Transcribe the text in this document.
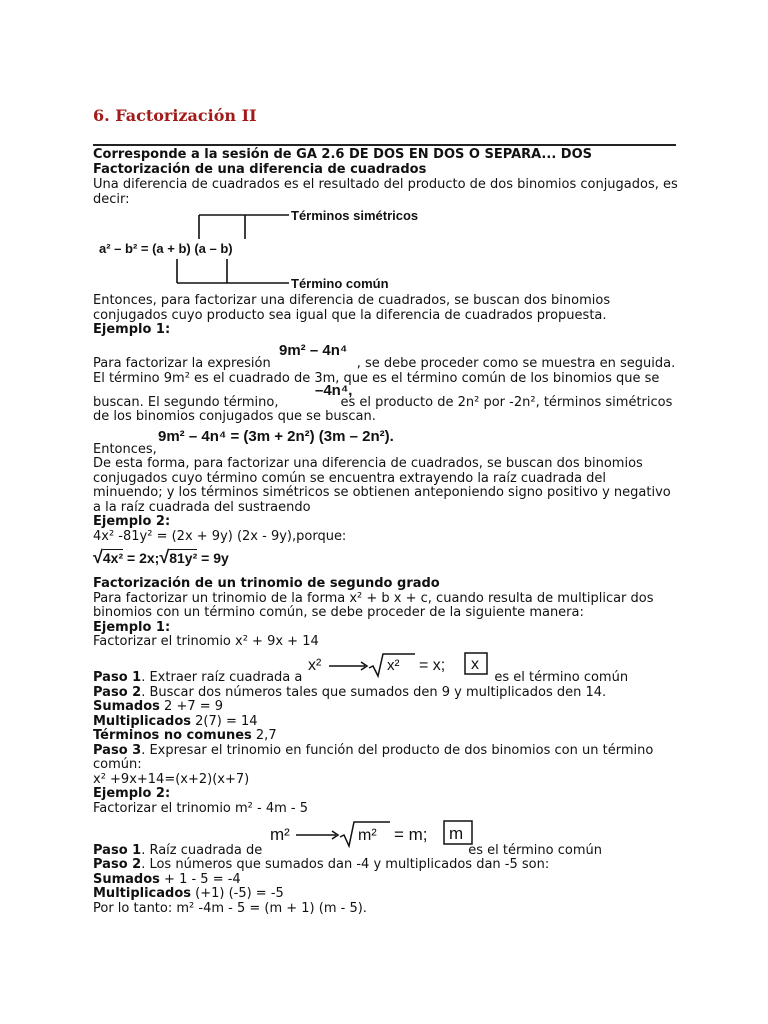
6. Factorización II
Corresponde a la sesión de GA 2.6 DE DOS EN DOS O SEPARA... DOS
Factorización de una diferencia de cuadrados
Una diferencia de cuadrados es el resultado del producto de dos binomios conjugados, es
decir:
Términos simétricos
Término común
a² – b² = (a + b) (a – b)
Entonces, para factorizar una diferencia de cuadrados, se buscan dos binomios
conjugados cuyo producto sea igual que la diferencia de cuadrados propuesta.
Ejemplo 1:
9m² – 4n⁴
Para factorizar la expresión	, se debe proceder como se muestra en seguida.
El término 9m² es el cuadrado de 3m, que es el término común de los binomios que se
–4n⁴,
buscan. El segundo término,	es el producto de 2n² por -2n², términos simétricos
de los binomios conjugados que se buscan.
9m² – 4n⁴ = (3m + 2n²) (3m – 2n²).
Entonces,
De esta forma, para factorizar una diferencia de cuadrados, se buscan dos binomios
conjugados cuyo término común se encuentra extrayendo la raíz cuadrada del
minuendo; y los términos simétricos se obtienen anteponiendo signo positivo y negativo
a la raíz cuadrada del sustraendo
Ejemplo 2:
4x² -81y² = (2x + 9y) (2x - 9y),porque:
√4x² = 2x;√81y² = 9y
Factorización de un trinomio de segundo grado
Para factorizar un trinomio de la forma x² + b x + c, cuando resulta de multiplicar dos
binomios con un término común, se debe proceder de la siguiente manera:
Ejemplo 1:
Factorizar el trinomio x² + 9x + 14
x²	x² = x; x
Paso 1. Extraer raíz cuadrada a	es el término común
Paso 2. Buscar dos números tales que sumados den 9 y multiplicados den 14.
Sumados 2 +7 = 9
Multiplicados 2(7) = 14
Términos no comunes 2,7
Paso 3. Expresar el trinomio en función del producto de dos binomios con un término
común:
x² +9x+14=(x+2)(x+7)
Ejemplo 2:
Factorizar el trinomio m² - 4m - 5
m²	m² = m; m
Paso 1. Raíz cuadrada de	es el término común
Paso 2. Los números que sumados dan -4 y multiplicados dan -5 son:
Sumados + 1 - 5 = -4
Multiplicados (+1) (-5) = -5
Por lo tanto: m² -4m - 5 = (m + 1) (m - 5).
